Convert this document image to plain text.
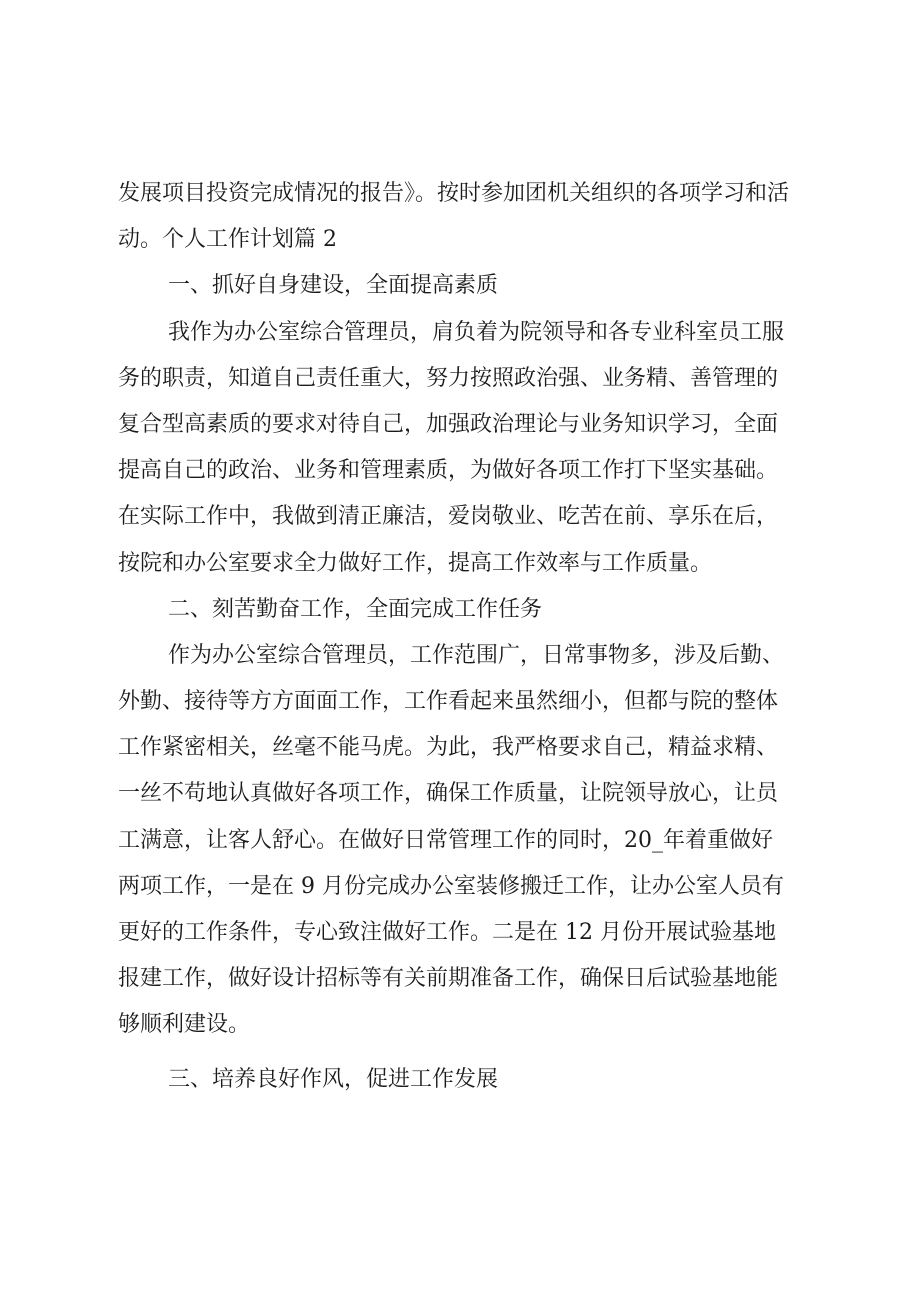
发展项目投资完成情况的报告》。按时参加团机关组织的各项学习和活
动。个人工作计划篇 2
一、抓好自身建设，全面提高素质
我作为办公室综合管理员，肩负着为院领导和各专业科室员工服
务的职责，知道自己责任重大，努力按照政治强、业务精、善管理的
复合型高素质的要求对待自己，加强政治理论与业务知识学习，全面
提高自己的政治、业务和管理素质，为做好各项工作打下坚实基础。
在实际工作中，我做到清正廉洁，爱岗敬业、吃苦在前、享乐在后，
按院和办公室要求全力做好工作，提高工作效率与工作质量。
二、刻苦勤奋工作，全面完成工作任务
作为办公室综合管理员，工作范围广，日常事物多，涉及后勤、
外勤、接待等方方面面工作，工作看起来虽然细小，但都与院的整体
工作紧密相关，丝毫不能马虎。为此，我严格要求自己，精益求精、
一丝不苟地认真做好各项工作，确保工作质量，让院领导放心，让员
工满意，让客人舒心。在做好日常管理工作的同时，20_年着重做好
两项工作，一是在 9 月份完成办公室装修搬迁工作，让办公室人员有
更好的工作条件，专心致注做好工作。二是在 12 月份开展试验基地
报建工作，做好设计招标等有关前期准备工作，确保日后试验基地能
够顺利建设。
三、培养良好作风，促进工作发展
